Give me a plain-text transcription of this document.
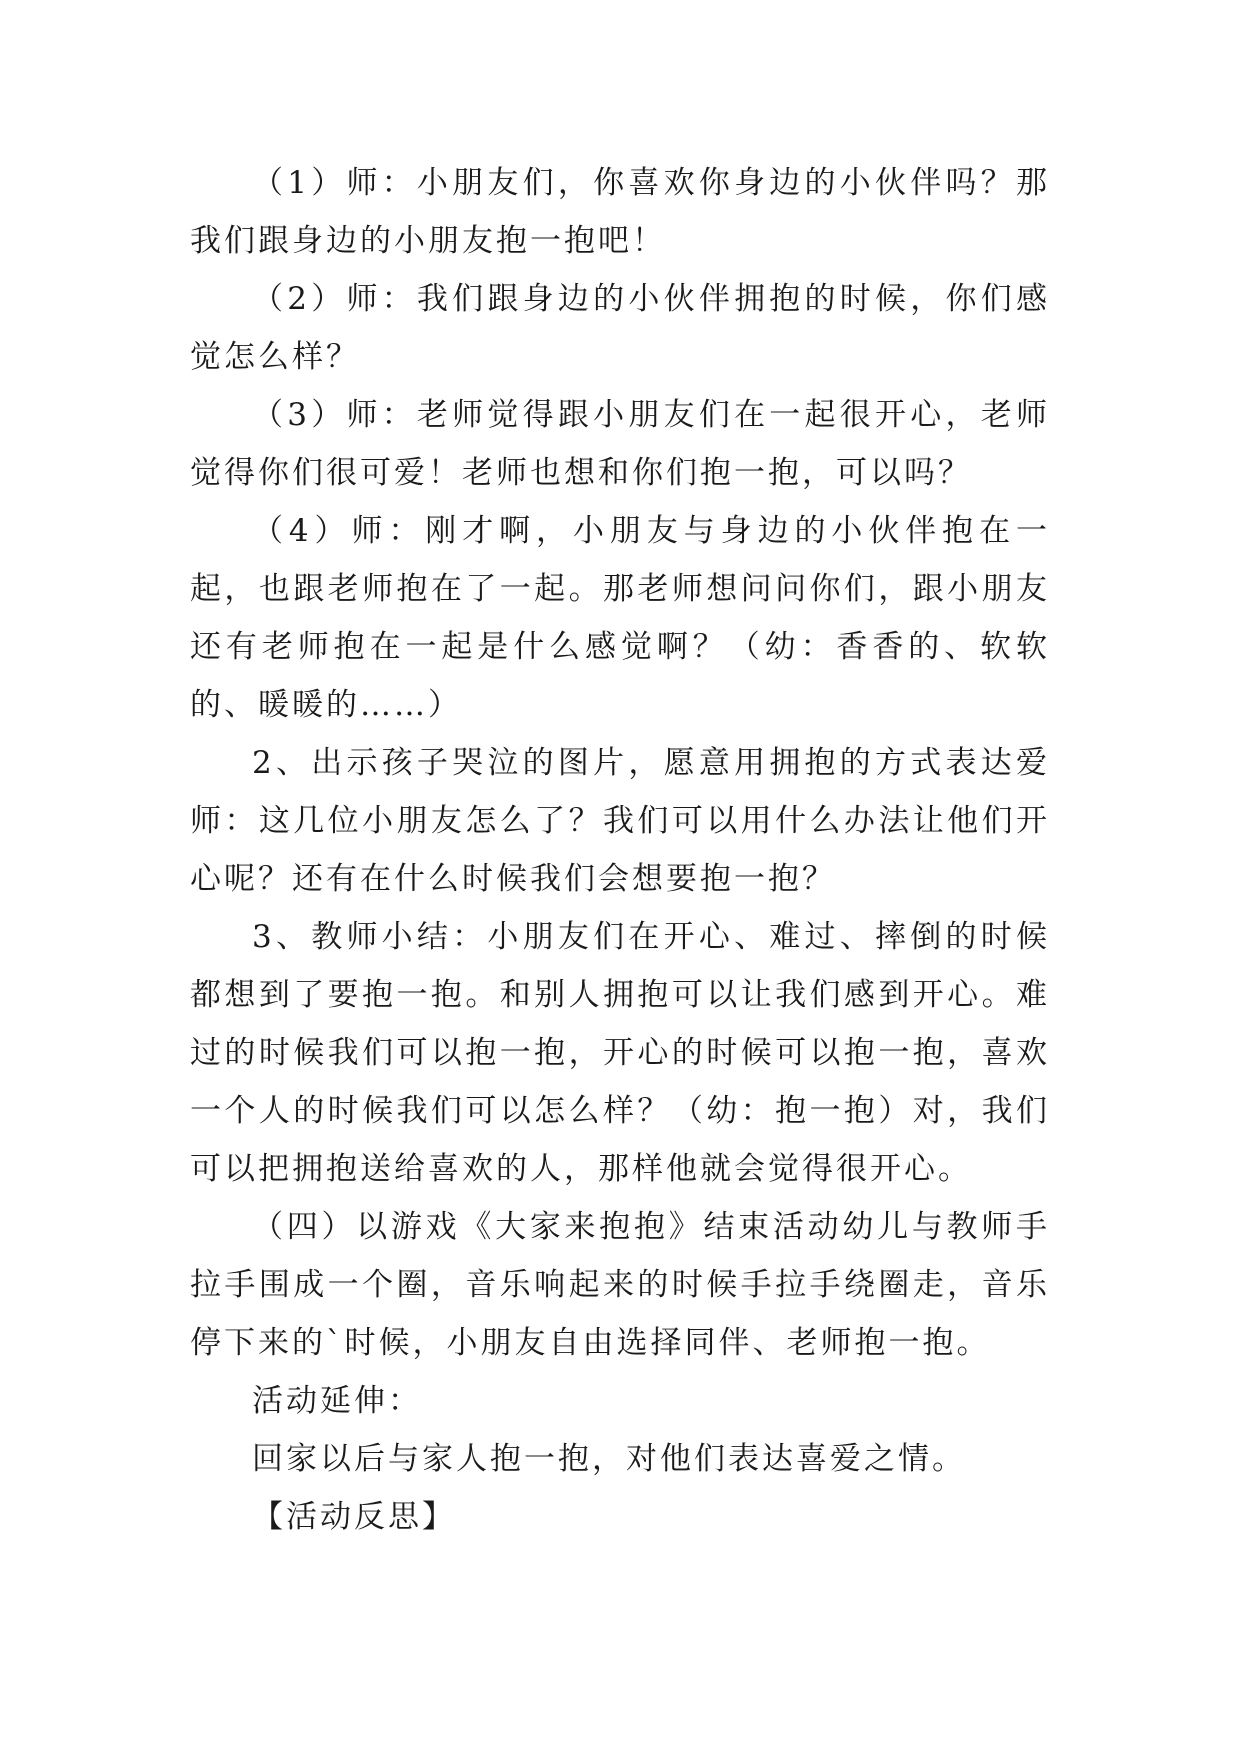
（1）师：小朋友们，你喜欢你身边的小伙伴吗？那我们跟身边的小朋友抱一抱吧！

（2）师：我们跟身边的小伙伴拥抱的时候，你们感觉怎么样？

（3）师：老师觉得跟小朋友们在一起很开心，老师觉得你们很可爱！老师也想和你们抱一抱，可以吗？

（4）师：刚才啊，小朋友与身边的小伙伴抱在一起，也跟老师抱在了一起。那老师想问问你们，跟小朋友还有老师抱在一起是什么感觉啊？（幼：香香的、软软的、暖暖的……）

2、出示孩子哭泣的图片，愿意用拥抱的方式表达爱师：这几位小朋友怎么了？我们可以用什么办法让他们开心呢？还有在什么时候我们会想要抱一抱？

3、教师小结：小朋友们在开心、难过、摔倒的时候都想到了要抱一抱。和别人拥抱可以让我们感到开心。难过的时候我们可以抱一抱，开心的时候可以抱一抱，喜欢一个人的时候我们可以怎么样？（幼：抱一抱）对，我们可以把拥抱送给喜欢的人，那样他就会觉得很开心。

（四）以游戏《大家来抱抱》结束活动幼儿与教师手拉手围成一个圈，音乐响起来的时候手拉手绕圈走，音乐停下来的`时候，小朋友自由选择同伴、老师抱一抱。

活动延伸：

回家以后与家人抱一抱，对他们表达喜爱之情。

【活动反思】
